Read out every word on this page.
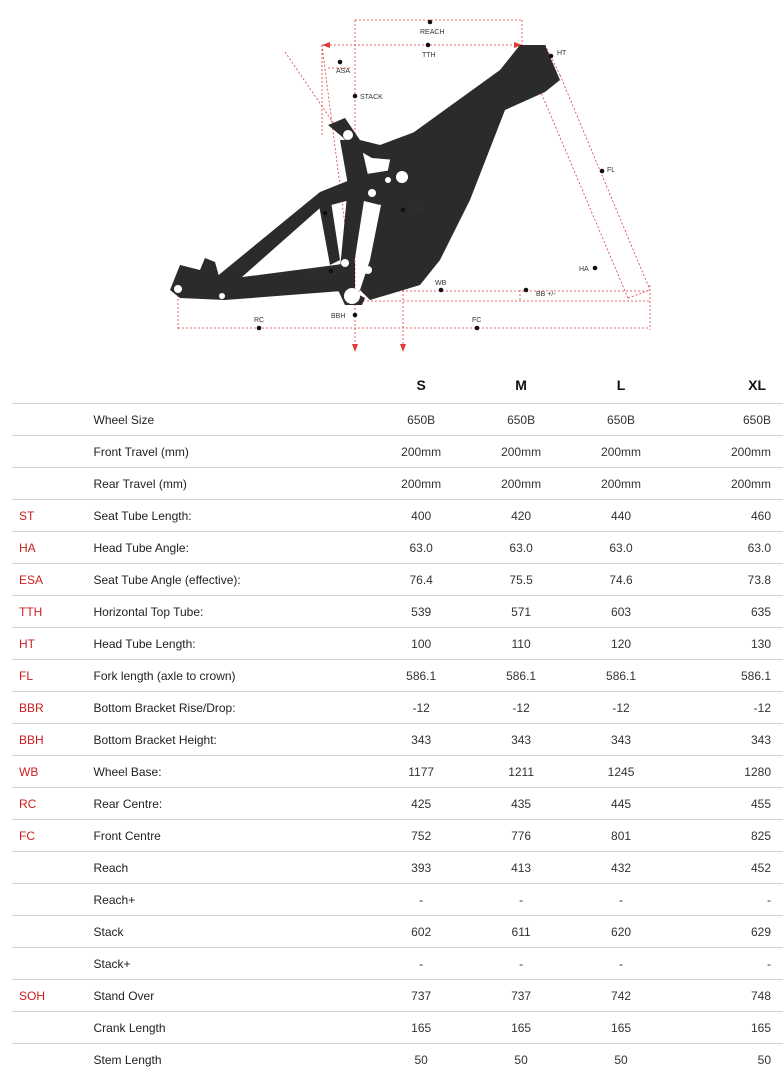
REACH
TTH
ASA
STACK
HT
FL
SOH
ESA	HA
WB
BB +/-
BBH
RC	FC
		S	M	L	XL
	Wheel Size	650B	650B	650B	650B
	Front Travel (mm)	200mm	200mm	200mm	200mm
	Rear Travel (mm)	200mm	200mm	200mm	200mm
ST	Seat Tube Length:	400	420	440	460
HA	Head Tube Angle:	63.0	63.0	63.0	63.0
ESA	Seat Tube Angle (effective):	76.4	75.5	74.6	73.8
TTH	Horizontal Top Tube:	539	571	603	635
HT	Head Tube Length:	100	110	120	130
FL	Fork length (axle to crown)	586.1	586.1	586.1	586.1
BBR	Bottom Bracket Rise/Drop:	-12	-12	-12	-12
BBH	Bottom Bracket Height:	343	343	343	343
WB	Wheel Base:	1177	1211	1245	1280
RC	Rear Centre:	425	435	445	455
FC	Front Centre	752	776	801	825
	Reach	393	413	432	452
	Reach+	-	-	-	-
	Stack	602	611	620	629
	Stack+	-	-	-	-
SOH	Stand Over	737	737	742	748
	Crank Length	165	165	165	165
	Stem Length	50	50	50	50
